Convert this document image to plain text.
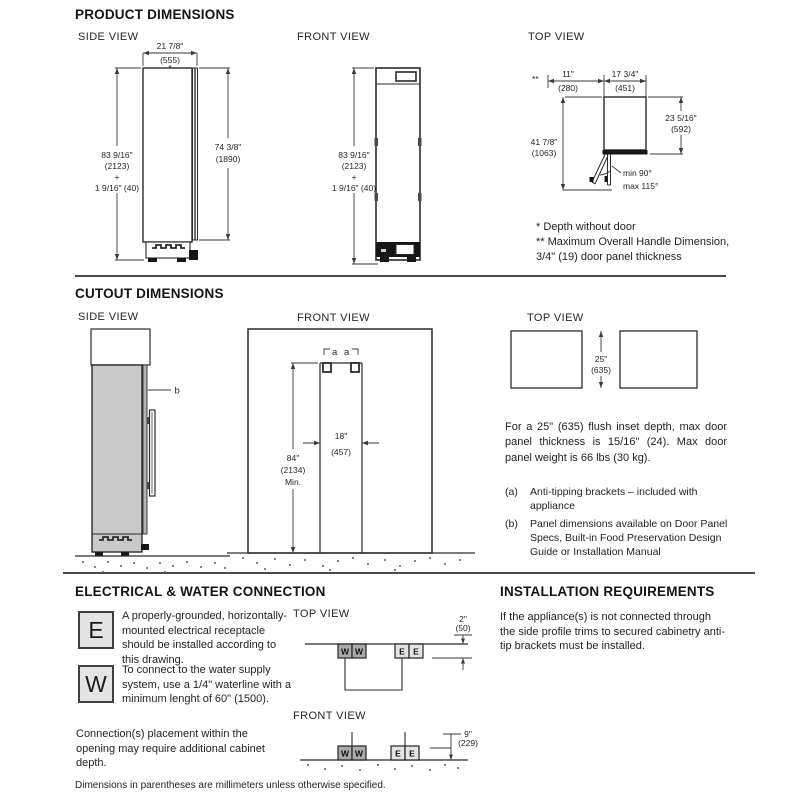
PRODUCT DIMENSIONS
SIDE VIEW	FRONT VIEW	TOP VIEW
21 7/8"
(555)
83 9/16"
(2123)
+
1 9/16" (40)
74 3/8"
(1890)	83 9/16"
(2123)
+
1 9/16" (40)
**	11"
(280)
17 3/4"
(451)
min 90°
max 115°
23 5/16"
(592)
41 7/8"
(1063)
* Depth without door
** Maximum Overall Handle Dimension,
3/4" (19) door panel thickness
CUTOUT DIMENSIONS
SIDE VIEW	FRONT VIEW	TOP VIEW
b
a a
18"
(457)
84"
(2134)
Min.
25"
(635)
For a 25" (635) flush inset depth, max door panel thickness is 15/16" (24). Max door panel weight is 66 lbs (30 kg).
(a)	Anti-tipping brackets – included with appliance
(b)	Panel dimensions available on Door Panel Specs, Built-in Food Preservation Design Guide or Installation Manual
ELECTRICAL & WATER CONNECTION	INSTALLATION REQUIREMENTS
E
A properly-grounded, horizontally-mounted electrical receptacle should be installed according to this drawing.
W
To connect to the water supply system, use a 1/4" waterline with a minimum lenght of 60" (1500).
Connection(s) placement within the opening may require additional cabinet depth.
TOP VIEW
W W	E E
2"
(50)
FRONT VIEW
W W	E E
9"
(229)
If the appliance(s) is not connected through the side profile trims to secured cabinetry anti-tip brackets must be installed.
Dimensions in parentheses are millimeters unless otherwise specified.
